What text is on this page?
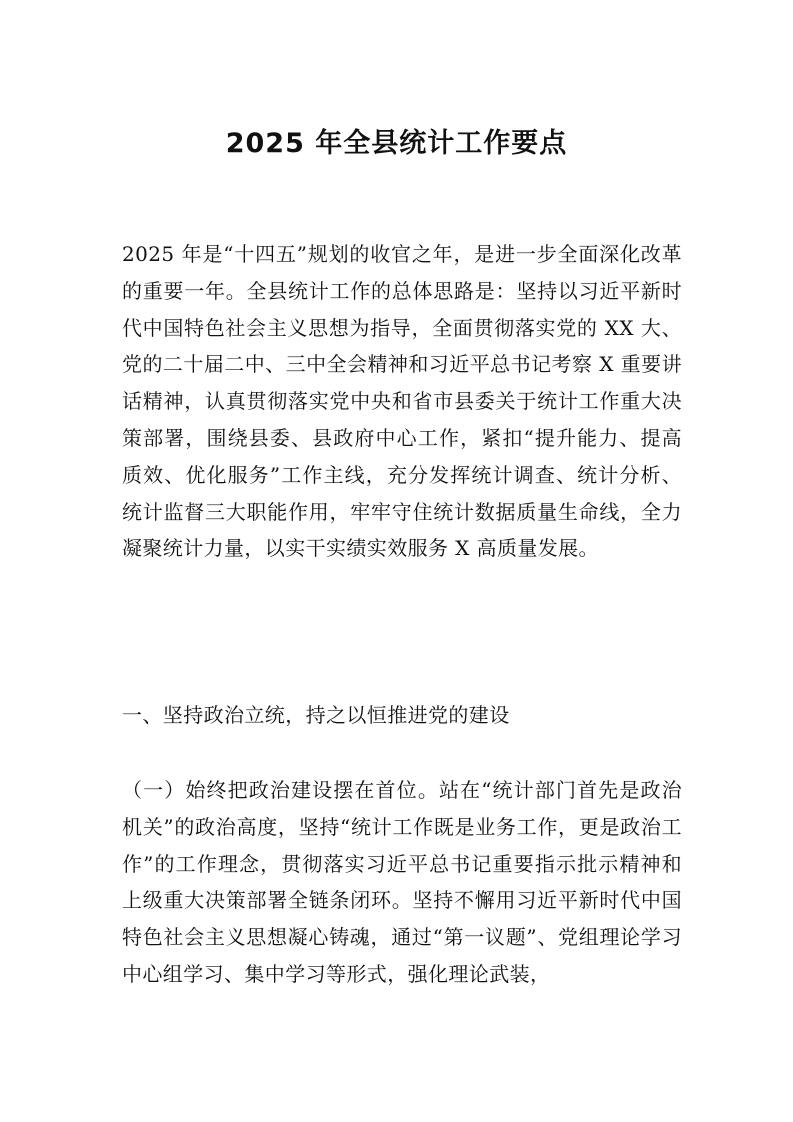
2025 年全县统计工作要点

2025 年是“十四五”规划的收官之年，是进一步全面深化改革的重要一年。全县统计工作的总体思路是：坚持以习近平新时代中国特色社会主义思想为指导，全面贯彻落实党的 XX 大、党的二十届二中、三中全会精神和习近平总书记考察 X 重要讲话精神，认真贯彻落实党中央和省市县委关于统计工作重大决策部署，围绕县委、县政府中心工作，紧扣“提升能力、提高质效、优化服务”工作主线，充分发挥统计调查、统计分析、统计监督三大职能作用，牢牢守住统计数据质量生命线，全力凝聚统计力量，以实干实绩实效服务 X 高质量发展。

一、坚持政治立统，持之以恒推进党的建设

（一）始终把政治建设摆在首位。站在“统计部门首先是政治机关”的政治高度，坚持“统计工作既是业务工作，更是政治工作”的工作理念，贯彻落实习近平总书记重要指示批示精神和上级重大决策部署全链条闭环。坚持不懈用习近平新时代中国特色社会主义思想凝心铸魂，通过“第一议题”、党组理论学习中心组学习、集中学习等形式，强化理论武装，
